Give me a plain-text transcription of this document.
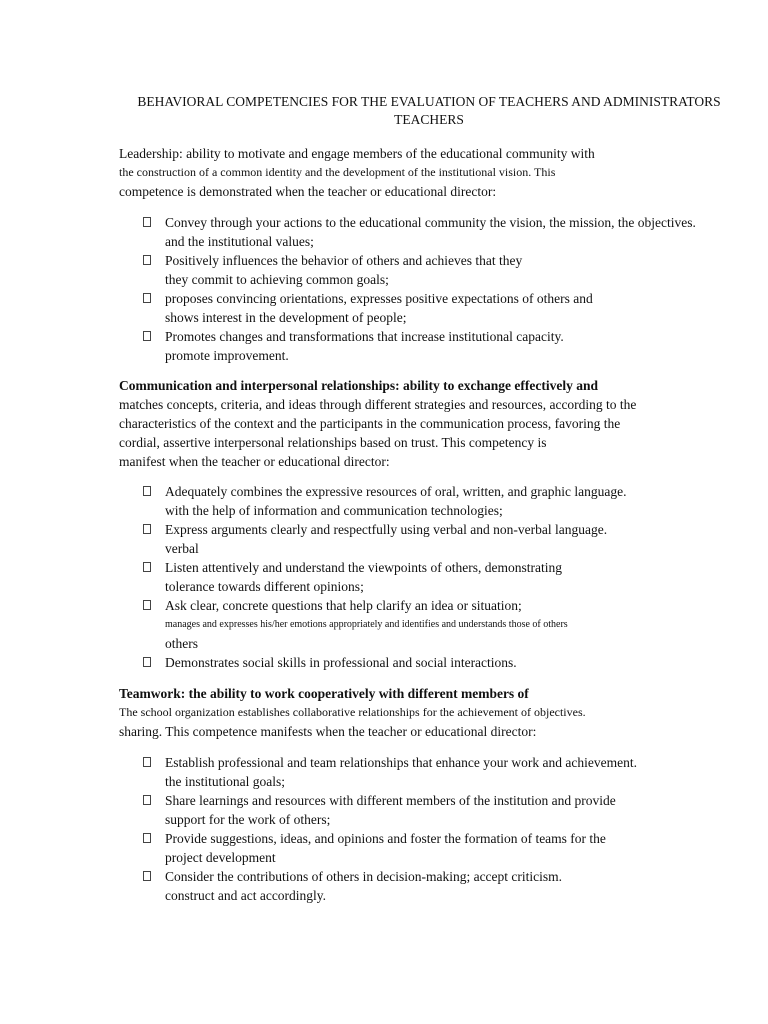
BEHAVIORAL COMPETENCIES FOR THE EVALUATION OF TEACHERS AND ADMINISTRATORS
TEACHERS
Leadership: ability to motivate and engage members of the educational community with
the construction of a common identity and the development of the institutional vision. This
competence is demonstrated when the teacher or educational director:
Convey through your actions to the educational community the vision, the mission, the objectives.
and the institutional values;
Positively influences the behavior of others and achieves that they
they commit to achieving common goals;
proposes convincing orientations, expresses positive expectations of others and
shows interest in the development of people;
Promotes changes and transformations that increase institutional capacity.
promote improvement.
Communication and interpersonal relationships: ability to exchange effectively and
matches concepts, criteria, and ideas through different strategies and resources, according to the
characteristics of the context and the participants in the communication process, favoring the
cordial, assertive interpersonal relationships based on trust. This competency is
manifest when the teacher or educational director:
Adequately combines the expressive resources of oral, written, and graphic language.
with the help of information and communication technologies;
Express arguments clearly and respectfully using verbal and non-verbal language.
verbal
Listen attentively and understand the viewpoints of others, demonstrating
tolerance towards different opinions;
Ask clear, concrete questions that help clarify an idea or situation;
manages and expresses his/her emotions appropriately and identifies and understands those of others
others
Demonstrates social skills in professional and social interactions.
Teamwork: the ability to work cooperatively with different members of
The school organization establishes collaborative relationships for the achievement of objectives.
sharing. This competence manifests when the teacher or educational director:
Establish professional and team relationships that enhance your work and achievement.
the institutional goals;
Share learnings and resources with different members of the institution and provide
support for the work of others;
Provide suggestions, ideas, and opinions and foster the formation of teams for the
project development
Consider the contributions of others in decision-making; accept criticism.
construct and act accordingly.
